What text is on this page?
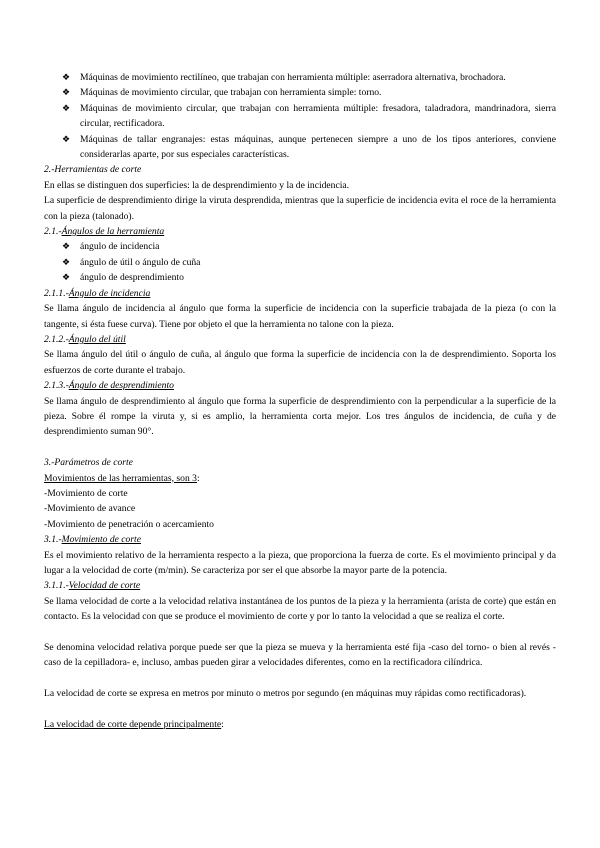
❖ Máquinas de movimiento rectilíneo, que trabajan con herramienta múltiple: aserradora alternativa, brochadora.
❖ Máquinas de movimiento circular, que trabajan con herramienta simple: torno.
❖ Máquinas de movimiento circular, que trabajan con herramienta múltiple: fresadora, taladradora, mandrinadora, sierra circular, rectificadora.
❖ Máquinas de tallar engranajes: estas máquinas, aunque pertenecen siempre a uno de los tipos anteriores, conviene considerarlas aparte, por sus especiales características.

2.-Herramientas de corte

En ellas se distinguen dos superficies: la de desprendimiento y la de incidencia.

La superficie de desprendimiento dirige la viruta desprendida, mientras que la superficie de incidencia evita el roce de la herramienta con la pieza (talonado).

2.1.-Ángulos de la herramienta

❖ ángulo de incidencia
❖ ángulo de útil o ángulo de cuña
❖ ángulo de desprendimiento

2.1.1.-Ángulo de incidencia

Se llama ángulo de incidencia al ángulo que forma la superficie de incidencia con la superficie trabajada de la pieza (o con la tangente, si ésta fuese curva). Tiene por objeto el que la herramienta no talone con la pieza.

2.1.2.-Ángulo del útil

Se llama ángulo del útil o ángulo de cuña, al ángulo que forma la superficie de incidencia con la de desprendimiento. Soporta los esfuerzos de corte durante el trabajo.

2.1.3.-Ángulo de desprendimiento

Se llama ángulo de desprendimiento al ángulo que forma la superficie de desprendimiento con la perpendicular a la superficie de la pieza. Sobre él rompe la viruta y, si es amplio, la herramienta corta mejor. Los tres ángulos de incidencia, de cuña y de desprendimiento suman 90°.

3.-Parámetros de corte

Movimientos de las herramientas, son 3:

-Movimiento de corte

-Movimiento de avance

-Movimiento de penetración o acercamiento

3.1.-Movimiento de corte

Es el movimiento relativo de la herramienta respecto a la pieza, que proporciona la fuerza de corte. Es el movimiento principal y da lugar a la velocidad de corte (m/min). Se caracteriza por ser el que absorbe la mayor parte de la potencia.

3.1.1.-Velocidad de corte

Se llama velocidad de corte a la velocidad relativa instantánea de los puntos de la pieza y la herramienta (arista de corte) que están en contacto. Es la velocidad con que se produce el movimiento de corte y por lo tanto la velocidad a que se realiza el corte.

Se denomina velocidad relativa porque puede ser que la pieza se mueva y la herramienta esté fija -caso del torno- o bien al revés -caso de la cepilladora- e, incluso, ambas pueden girar a velocidades diferentes, como en la rectificadora cilíndrica.

La velocidad de corte se expresa en metros por minuto o metros por segundo (en máquinas muy rápidas como rectificadoras).

La velocidad de corte depende principalmente:
